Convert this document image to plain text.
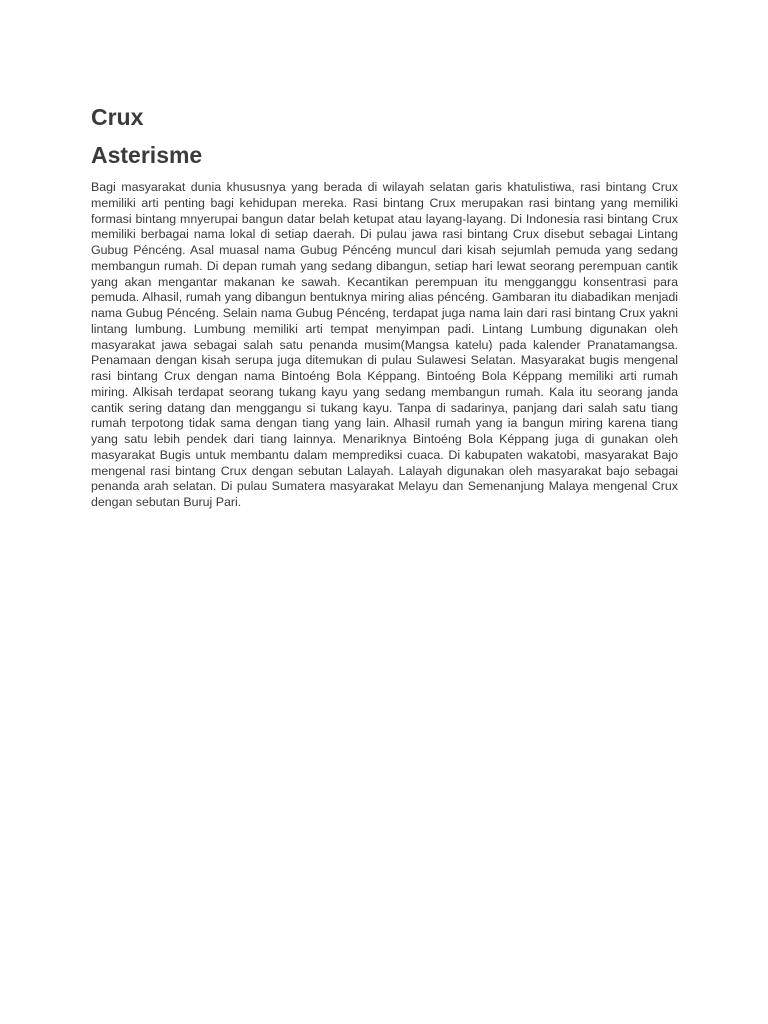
Crux
Asterisme

Bagi masyarakat dunia khususnya yang berada di wilayah selatan garis khatulistiwa, rasi bintang Crux memiliki arti penting bagi kehidupan mereka. Rasi bintang Crux merupakan rasi bintang yang memiliki formasi bintang mnyerupai bangun datar belah ketupat atau layang-layang. Di Indonesia rasi bintang Crux memiliki berbagai nama lokal di setiap daerah. Di pulau jawa rasi bintang Crux disebut sebagai Lintang Gubug Péncéng. Asal muasal nama Gubug Péncéng muncul dari kisah sejumlah pemuda yang sedang membangun rumah. Di depan rumah yang sedang dibangun, setiap hari lewat seorang perempuan cantik yang akan mengantar makanan ke sawah. Kecantikan perempuan itu mengganggu konsentrasi para pemuda. Alhasil, rumah yang dibangun bentuknya miring alias péncéng. Gambaran itu diabadikan menjadi nama Gubug Péncéng. Selain nama Gubug Péncéng, terdapat juga nama lain dari rasi bintang Crux yakni lintang lumbung. Lumbung memiliki arti tempat menyimpan padi. Lintang Lumbung digunakan oleh masyarakat jawa sebagai salah satu penanda musim(Mangsa katelu) pada kalender Pranatamangsa. Penamaan dengan kisah serupa juga ditemukan di pulau Sulawesi Selatan. Masyarakat bugis mengenal rasi bintang Crux dengan nama Bintoéng Bola Képpang. Bintoéng Bola Képpang memiliki arti rumah miring. Alkisah terdapat seorang tukang kayu yang sedang membangun rumah. Kala itu seorang janda cantik sering datang dan menggangu si tukang kayu. Tanpa di sadarinya, panjang dari salah satu tiang rumah terpotong tidak sama dengan tiang yang lain. Alhasil rumah yang ia bangun miring karena tiang yang satu lebih pendek dari tiang lainnya. Menariknya Bintoéng Bola Képpang juga di gunakan oleh masyarakat Bugis untuk membantu dalam memprediksi cuaca. Di kabupaten wakatobi, masyarakat Bajo mengenal rasi bintang Crux dengan sebutan Lalayah. Lalayah digunakan oleh masyarakat bajo sebagai penanda arah selatan. Di pulau Sumatera masyarakat Melayu dan Semenanjung Malaya mengenal Crux dengan sebutan Buruj Pari.
